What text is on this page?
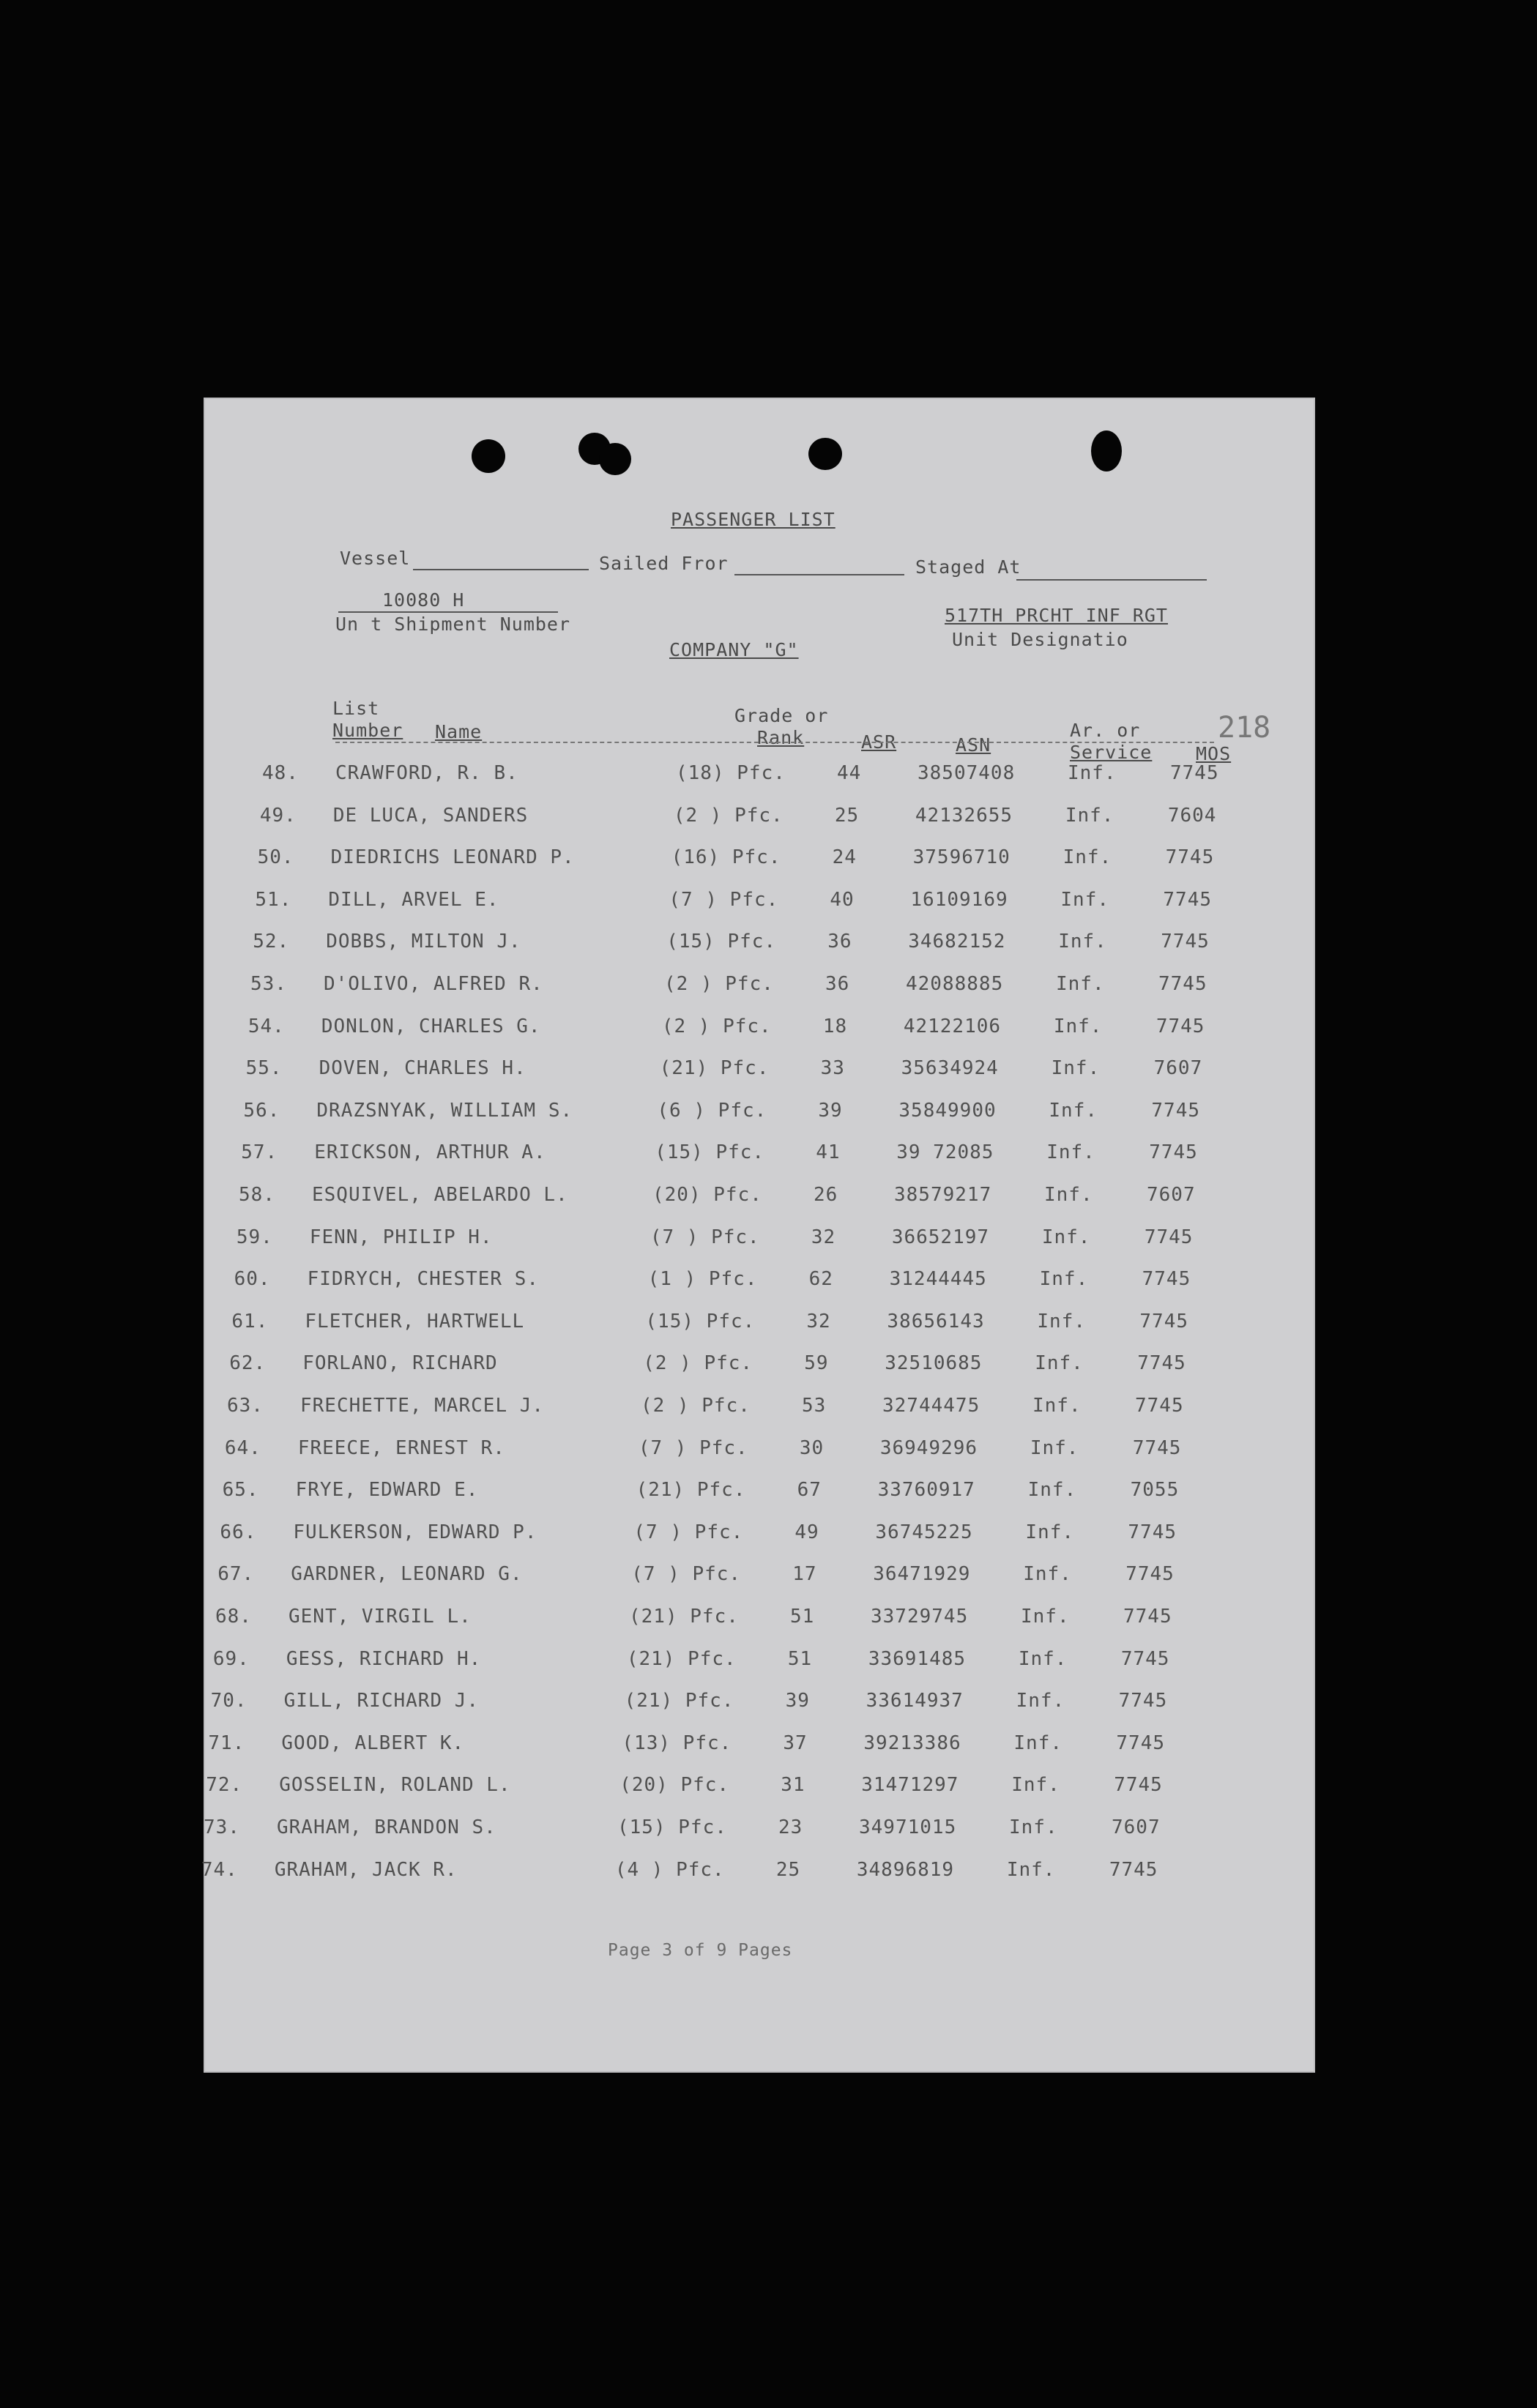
PASSENGER LIST
Vessel	Sailed Fror	Staged At
10080 H
Un t Shipment Number	517TH PRCHT INF RGT
Unit Designatio
COMPANY "G"
218
List
Number Name
Grade or
Rank	ASR	ASN
Ar. or
Service MOS
48. CRAWFORD, R. B.	(18) Pfc.	44	38507408	Inf.	7745
49. DE LUCA, SANDERS	(2 ) Pfc.	25	42132655	Inf.	7604
50. DIEDRICHS LEONARD P.	(16) Pfc.	24	37596710	Inf.	7745
51. DILL, ARVEL E.	(7 ) Pfc.	40	16109169	Inf.	7745
52. DOBBS, MILTON J.	(15) Pfc.	36	34682152	Inf.	7745
53. D'OLIVO, ALFRED R.	(2 ) Pfc.	36	42088885	Inf.	7745
54. DONLON, CHARLES G.	(2 ) Pfc.	18	42122106	Inf.	7745
55. DOVEN, CHARLES H.	(21) Pfc.	33	35634924	Inf.	7607
56. DRAZSNYAK, WILLIAM S.	(6 ) Pfc.	39	35849900	Inf.	7745
57. ERICKSON, ARTHUR A.	(15) Pfc.	41	39 72085	Inf.	7745
58. ESQUIVEL, ABELARDO L.	(20) Pfc.	26	38579217	Inf.	7607
59. FENN, PHILIP H.	(7 ) Pfc.	32	36652197	Inf.	7745
60. FIDRYCH, CHESTER S.	(1 ) Pfc.	62	31244445	Inf.	7745
61. FLETCHER, HARTWELL	(15) Pfc.	32	38656143	Inf.	7745
62. FORLANO, RICHARD	(2 ) Pfc.	59	32510685	Inf.	7745
63. FRECHETTE, MARCEL J.	(2 ) Pfc.	53	32744475	Inf.	7745
64. FREECE, ERNEST R.	(7 ) Pfc.	30	36949296	Inf.	7745
65. FRYE, EDWARD E.	(21) Pfc.	67	33760917	Inf.	7055
66. FULKERSON, EDWARD P.	(7 ) Pfc.	49	36745225	Inf.	7745
67. GARDNER, LEONARD G.	(7 ) Pfc.	17	36471929	Inf.	7745
68. GENT, VIRGIL L.	(21) Pfc.	51	33729745	Inf.	7745
69. GESS, RICHARD H.	(21) Pfc.	51	33691485	Inf.	7745
70. GILL, RICHARD J.	(21) Pfc.	39	33614937	Inf.	7745
71. GOOD, ALBERT K.	(13) Pfc.	37	39213386	Inf.	7745
72. GOSSELIN, ROLAND L.	(20) Pfc.	31	31471297	Inf.	7745
73. GRAHAM, BRANDON S.	(15) Pfc.	23	34971015	Inf.	7607
74. GRAHAM, JACK R.	(4 ) Pfc.	25	34896819	Inf.	7745
Page 3 of 9 Pages
